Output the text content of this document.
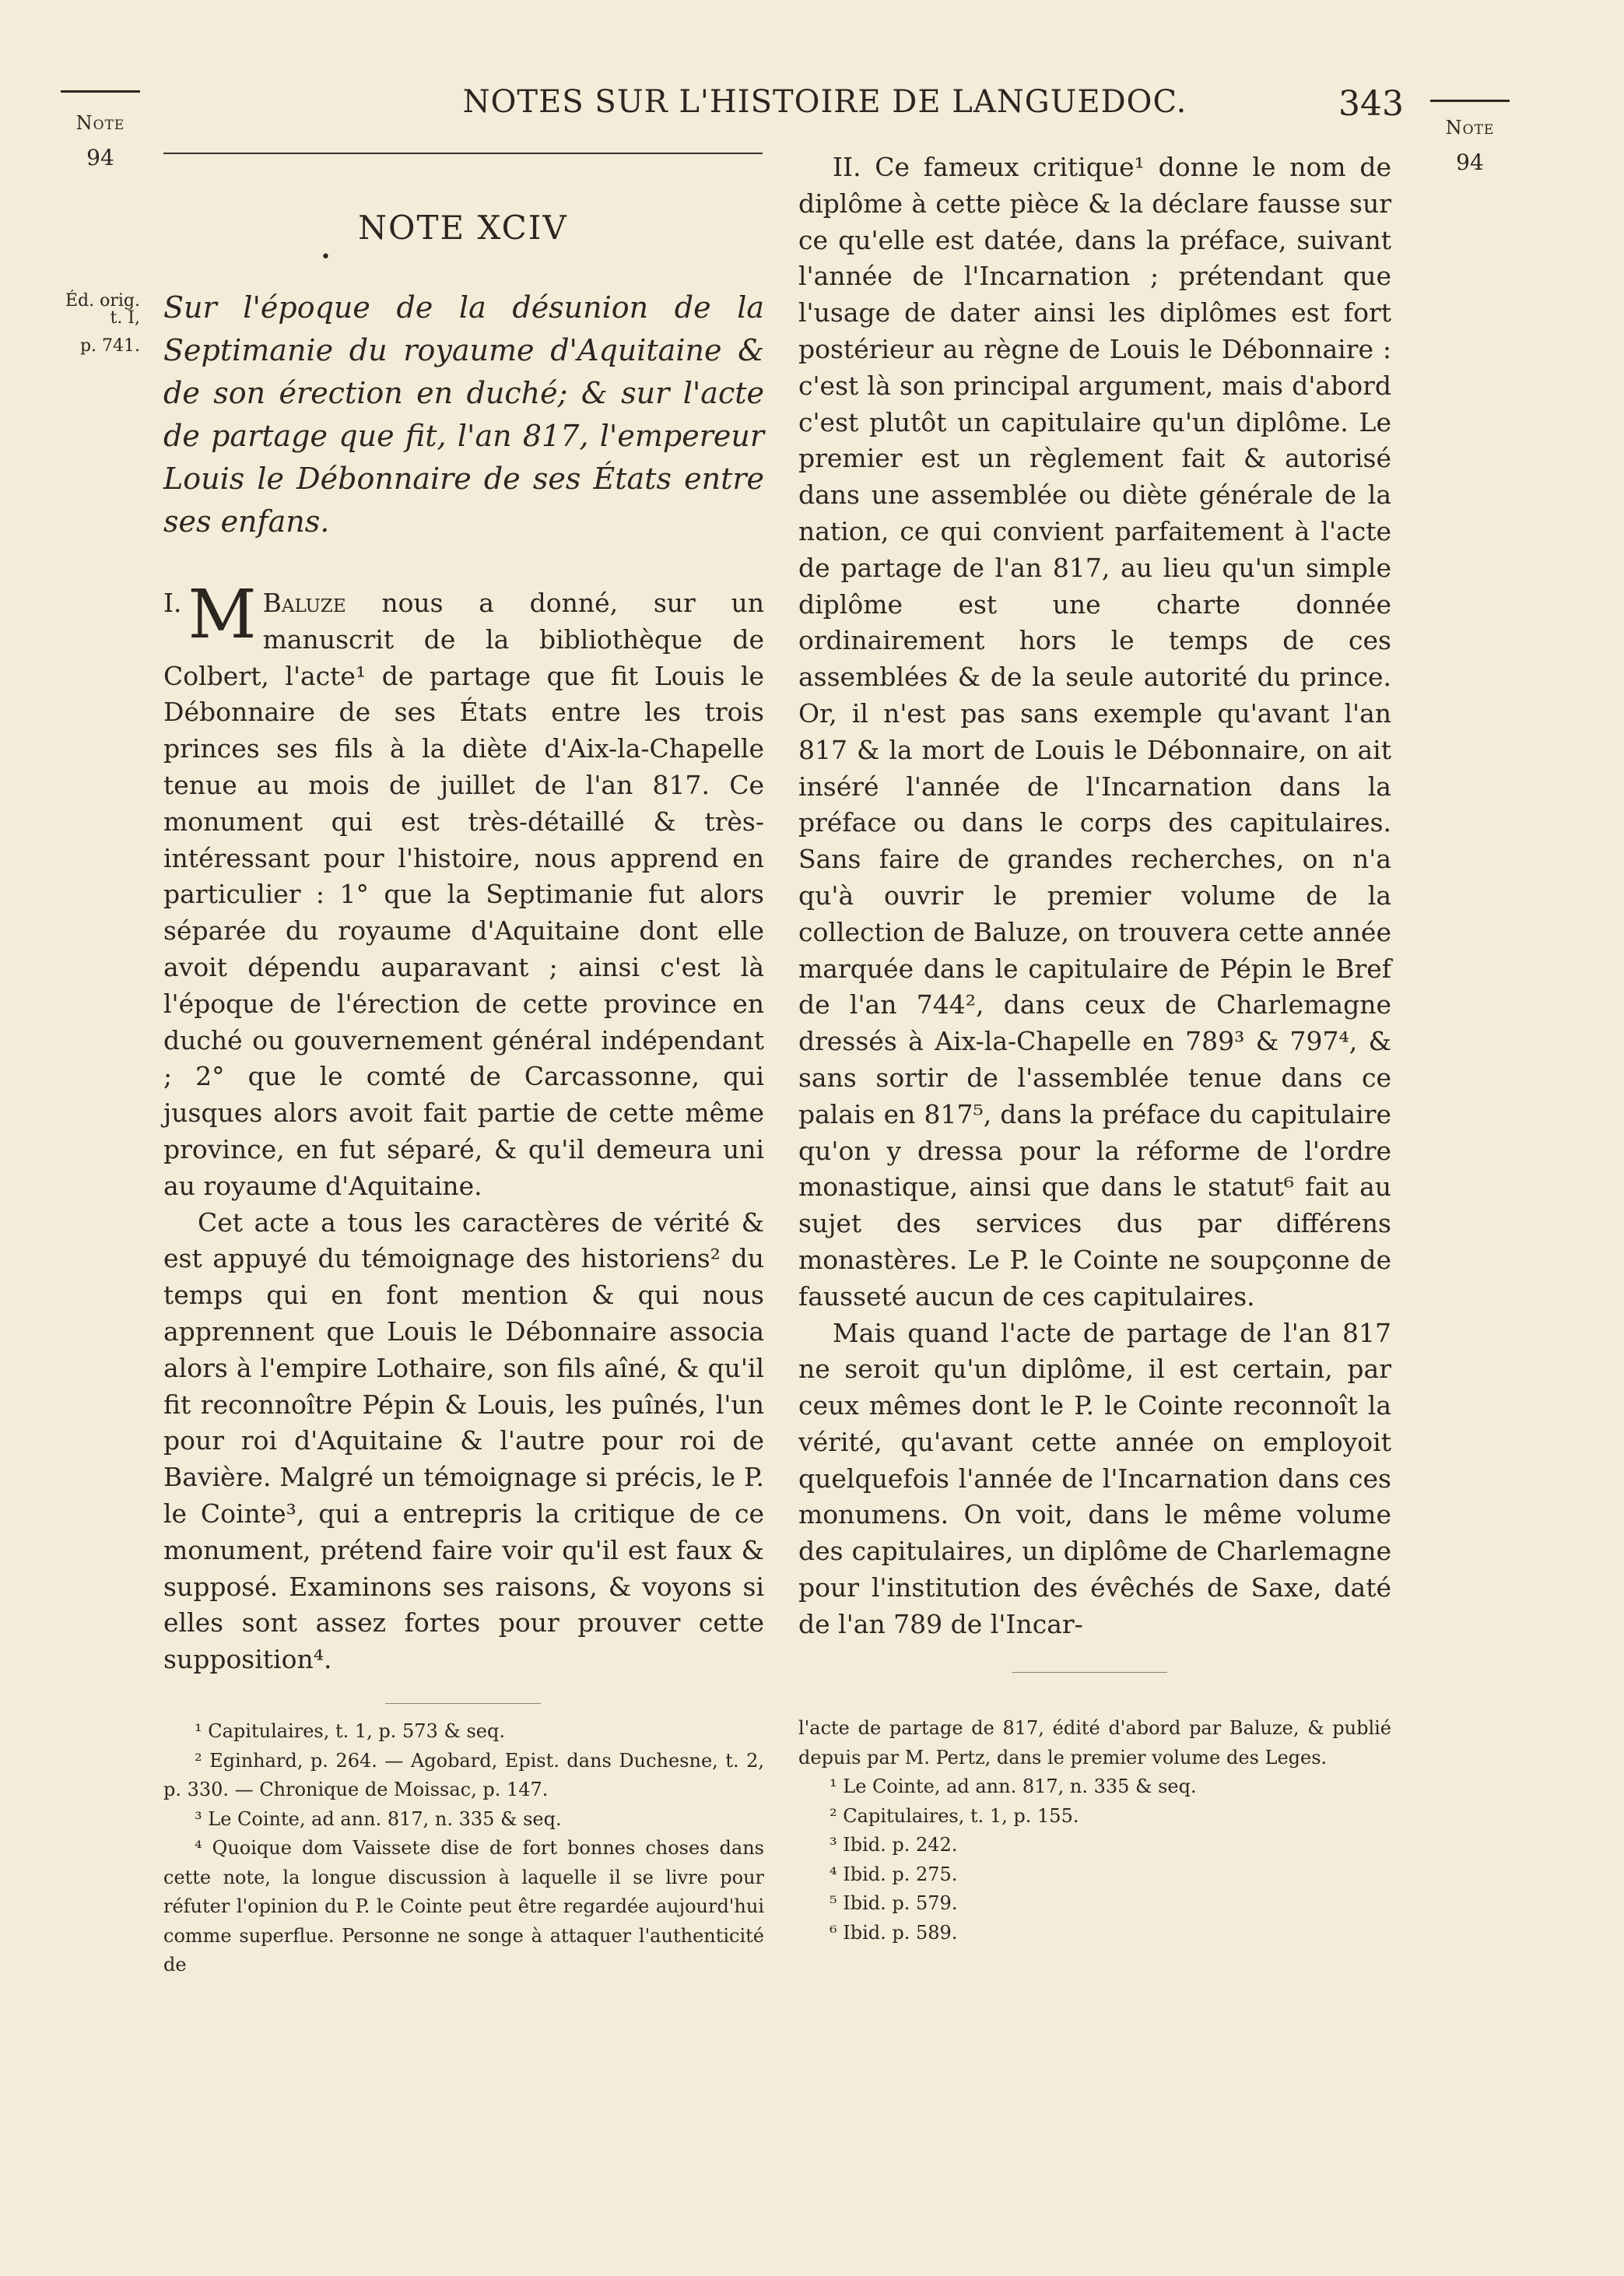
Note
94
NOTES SUR L'HISTOIRE DE LANGUEDOC.	343
Note
94
Éd. orig.
t. I,
p. 741.
NOTE XCIV
•
Sur l'époque de la désunion de la Septimanie du royaume d'Aquitaine & de son érection en duché; & sur l'acte de partage que fit, l'an 817, l'empereur Louis le Débonnaire de ses États entre ses enfans.

I. M Baluze nous a donné, sur un manuscrit de la bibliothèque de Colbert, l'acte¹ de partage que fit Louis le Débonnaire de ses États entre les trois princes ses fils à la diète d'Aix-la-Chapelle tenue au mois de juillet de l'an 817. Ce monument qui est très-détaillé & très-intéressant pour l'histoire, nous apprend en particulier : 1° que la Septimanie fut alors séparée du royaume d'Aquitaine dont elle avoit dépendu auparavant ; ainsi c'est là l'époque de l'érection de cette province en duché ou gouvernement général indépendant ; 2° que le comté de Carcassonne, qui jusques alors avoit fait partie de cette même province, en fut séparé, & qu'il demeura uni au royaume d'Aquitaine.

Cet acte a tous les caractères de vérité & est appuyé du témoignage des historiens² du temps qui en font mention & qui nous apprennent que Louis le Débonnaire associa alors à l'empire Lothaire, son fils aîné, & qu'il fit reconnoître Pépin & Louis, les puînés, l'un pour roi d'Aquitaine & l'autre pour roi de Bavière. Malgré un témoignage si précis, le P. le Cointe³, qui a entrepris la critique de ce monument, prétend faire voir qu'il est faux & supposé. Examinons ses raisons, & voyons si elles sont assez fortes pour prouver cette supposition⁴.

II. Ce fameux critique¹ donne le nom de diplôme à cette pièce & la déclare fausse sur ce qu'elle est datée, dans la préface, suivant l'année de l'Incarnation ; prétendant que l'usage de dater ainsi les diplômes est fort postérieur au règne de Louis le Débonnaire : c'est là son principal argument, mais d'abord c'est plutôt un capitulaire qu'un diplôme. Le premier est un règlement fait & autorisé dans une assemblée ou diète générale de la nation, ce qui convient parfaitement à l'acte de partage de l'an 817, au lieu qu'un simple diplôme est une charte donnée ordinairement hors le temps de ces assemblées & de la seule autorité du prince. Or, il n'est pas sans exemple qu'avant l'an 817 & la mort de Louis le Débonnaire, on ait inséré l'année de l'Incarnation dans la préface ou dans le corps des capitulaires. Sans faire de grandes recherches, on n'a qu'à ouvrir le premier volume de la collection de Baluze, on trouvera cette année marquée dans le capitulaire de Pépin le Bref de l'an 744², dans ceux de Charlemagne dressés à Aix-la-Chapelle en 789³ & 797⁴, & sans sortir de l'assemblée tenue dans ce palais en 817⁵, dans la préface du capitulaire qu'on y dressa pour la réforme de l'ordre monastique, ainsi que dans le statut⁶ fait au sujet des services dus par différens monastères. Le P. le Cointe ne soupçonne de fausseté aucun de ces capitulaires.

Mais quand l'acte de partage de l'an 817 ne seroit qu'un diplôme, il est certain, par ceux mêmes dont le P. le Cointe reconnoît la vérité, qu'avant cette année on employoit quelquefois l'année de l'Incarnation dans ces monumens. On voit, dans le même volume des capitulaires, un diplôme de Charlemagne pour l'institution des évêchés de Saxe, daté de l'an 789 de l'Incar-

¹ Capitulaires, t. 1, p. 573 & seq.

² Eginhard, p. 264. — Agobard, Epist. dans Duchesne, t. 2, p. 330. — Chronique de Moissac, p. 147.

³ Le Cointe, ad ann. 817, n. 335 & seq.

⁴ Quoique dom Vaissete dise de fort bonnes choses dans cette note, la longue discussion à laquelle il se livre pour réfuter l'opinion du P. le Cointe peut être regardée aujourd'hui comme superflue. Personne ne songe à attaquer l'authenticité de

l'acte de partage de 817, édité d'abord par Baluze, & publié depuis par M. Pertz, dans le premier volume des Leges.

¹ Le Cointe, ad ann. 817, n. 335 & seq.

² Capitulaires, t. 1, p. 155.

³ Ibid. p. 242.

⁴ Ibid. p. 275.

⁵ Ibid. p. 579.

⁶ Ibid. p. 589.
